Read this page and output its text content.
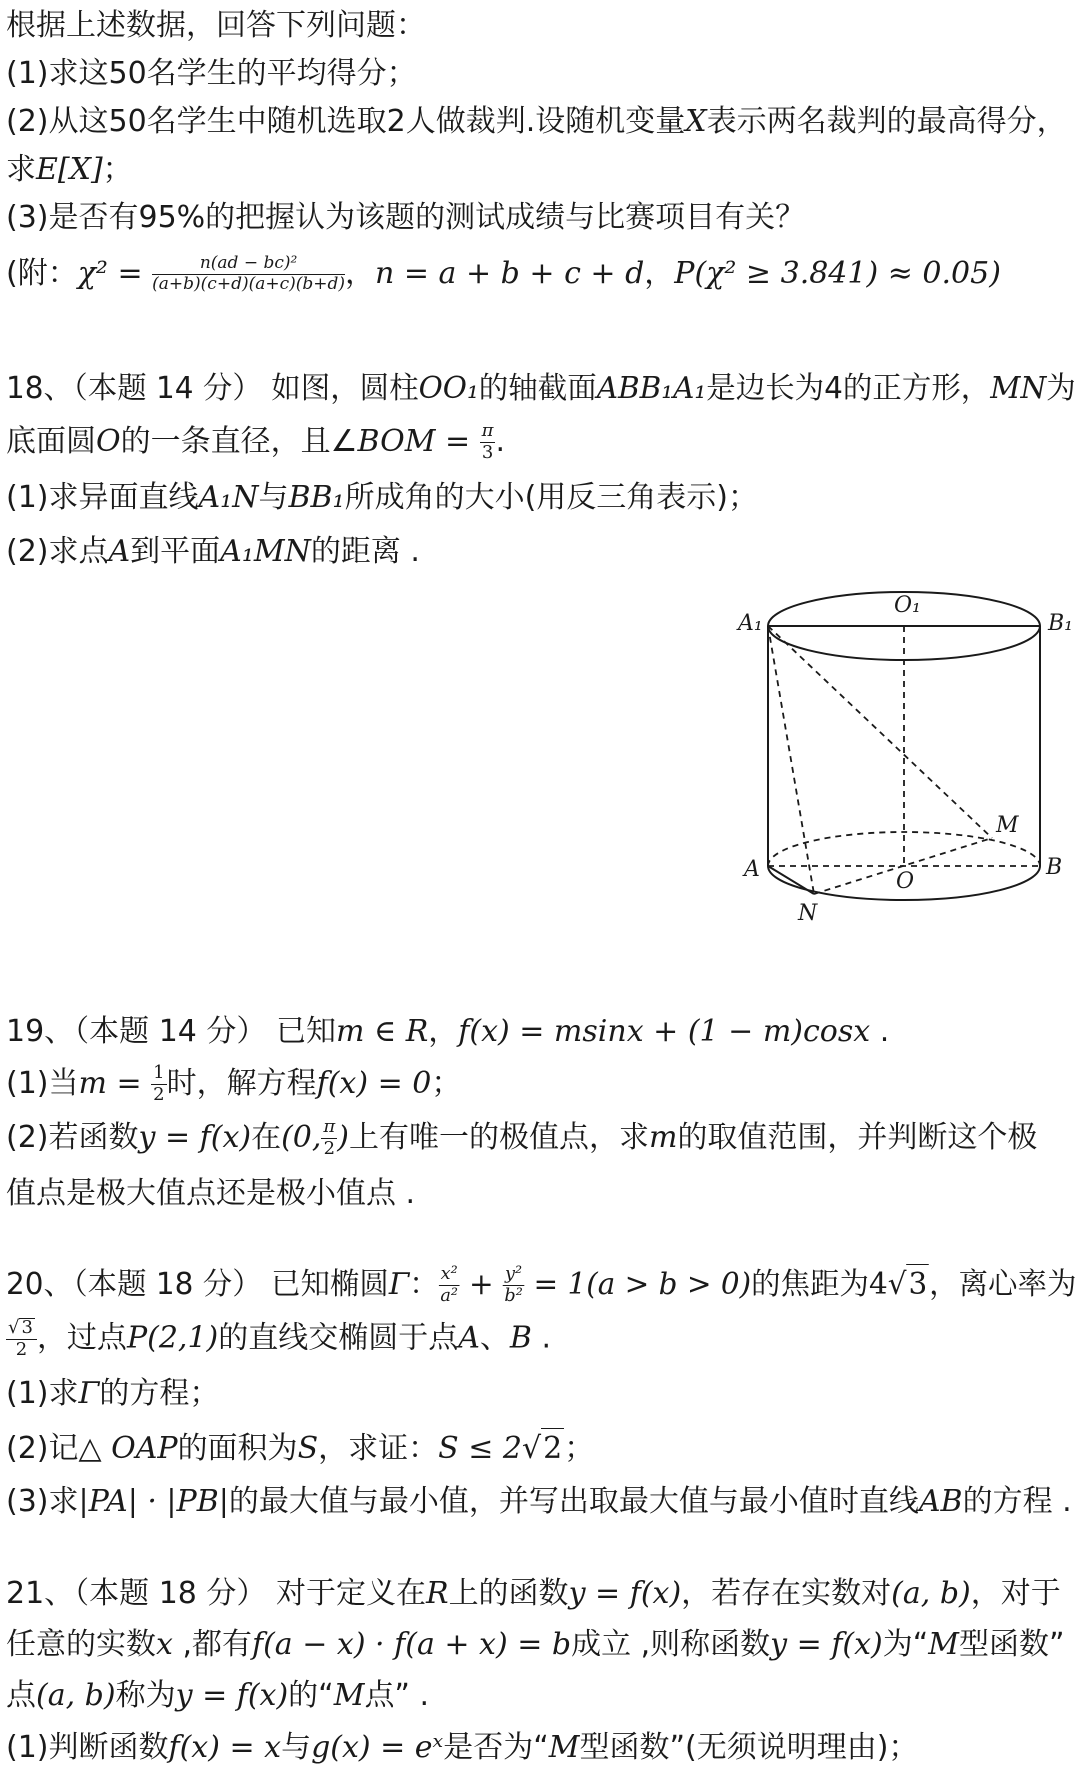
根据上述数据，回答下列问题：
(1)求这50名学生的平均得分；
(2)从这50名学生中随机选取2人做裁判.设随机变量X表示两名裁判的最高得分，
求E[X]；
(3)是否有95%的把握认为该题的测试成绩与比赛项目有关？
(附：$\chi^2 = \frac{\text{n(ad − bc)²}}{(a+b)(c+d)(a+c)(b+d)}$ ，n = a + b + c + d，P(χ² ≥ 3.841) ≈ 0.05)
18、（本题 14 分） 如图，圆柱OO₁的轴截面ABB₁A₁是边长为4的正方形，MN为
底面圆O的一条直径，且∠BOM = $\frac{\pi}{3}$ .
(1)求异面直线A₁N与BB₁所成角的大小(用反三角表示)；
(2)求点A到平面A₁MN的距离 .
O₁
A₁	B₁
A	B
O
M
N
19、（本题 14 分） 已知m ∈ R，f(x) = msinx + (1 − m)cosx .
(1)当$m = \frac{1}{2}$ 时，解方程f(x) = 0；
(2)若函数y = f(x)在(0, $\frac{\pi}{2}$ )上有唯一的极值点，求m的取值范围，并判断这个极
值点是极大值点还是极小值点 .
20、（本题 18 分） 已知椭圆Γ： $\frac{\text{x²}}{\text{a²}} + \frac{\text{y²}}{\text{b²}} = 1(a > b > 0)$的焦距为4√3，离心率为
$\frac{√ 3}{2}$ ，过点P(2,1)的直线交椭圆于点A、B .
(1)求Γ的方程；
(2)记△ OAP的面积为S，求证：S ≤ 2√2；
(3)求|PA| · |PB|的最大值与最小值，并写出取最大值与最小值时直线AB的方程 .
21、（本题 18 分） 对于定义在R上的函数y = f(x)，若存在实数对(a, b)，对于
任意的实数x ,都有f(a − x) · f(a + x) = b成立 ,则称函数y = f(x)为“M型函数”
点(a, b)称为y = f(x)的“M点” .
(1)判断函数f(x) = x与g(x) = eˣ是否为“M型函数”(无须说明理由)；
